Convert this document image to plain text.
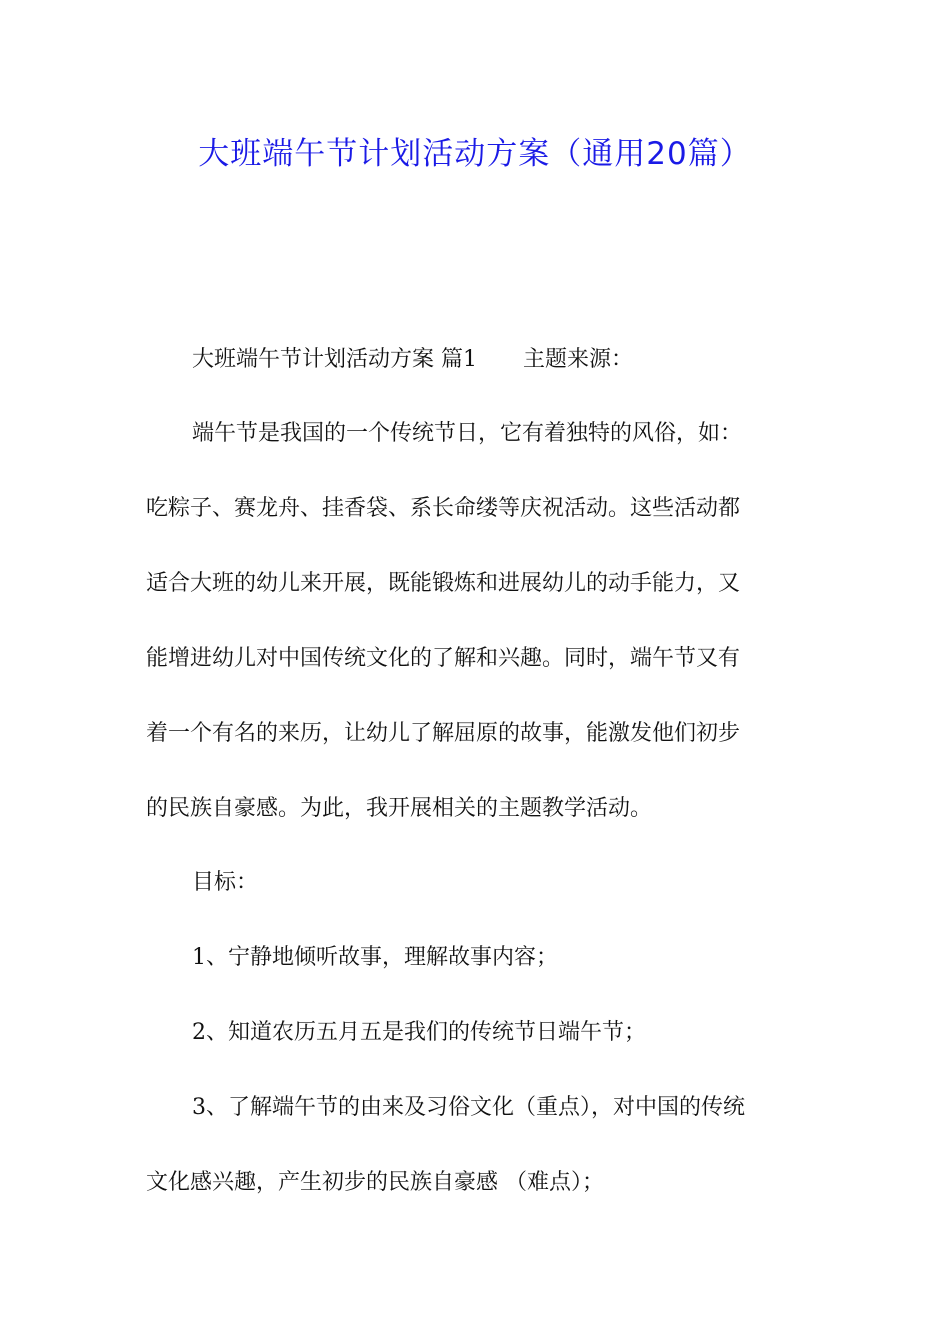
大班端午节计划活动方案（通用20篇）
大班端午节计划活动方案 篇1 主题来源：
端午节是我国的一个传统节日，它有着独特的风俗，如：
吃粽子、赛龙舟、挂香袋、系长命缕等庆祝活动。这些活动都
适合大班的幼儿来开展，既能锻炼和进展幼儿的动手能力，又
能增进幼儿对中国传统文化的了解和兴趣。同时，端午节又有
着一个有名的来历，让幼儿了解屈原的故事，能激发他们初步
的民族自豪感。为此，我开展相关的主题教学活动。
目标：
1、宁静地倾听故事，理解故事内容；
2、知道农历五月五是我们的传统节日端午节；
3、了解端午节的由来及习俗文化（重点），对中国的传统
文化感兴趣，产生初步的民族自豪感 （难点）；
